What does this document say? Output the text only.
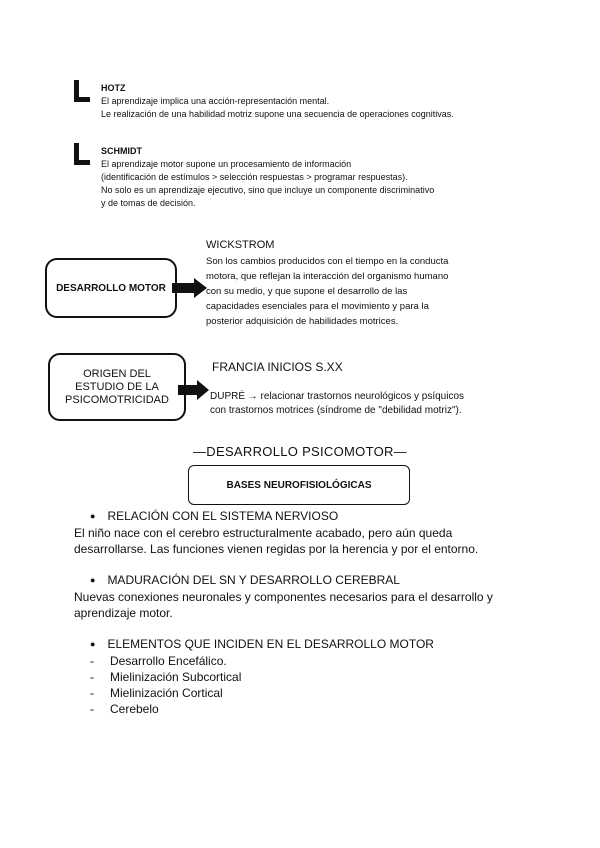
HOTZ
El aprendizaje implica una acción-representación mental.
Le realización de una habilidad motriz supone una secuencia de operaciones cognitivas.
SCHMIDT
El aprendizaje motor supone un procesamiento de información
(identificación de estímulos > selección respuestas > programar respuestas).
No solo es un aprendizaje ejecutivo, sino que incluye un componente discriminativo
y de tomas de decisión.
DESARROLLO MOTOR
WICKSTROM
Son los cambios producidos con el tiempo en la conducta
motora, que reflejan la interacción del organismo humano
con su medio, y que supone el desarrollo de las
capacidades esenciales para el movimiento y para la
posterior adquisición de habilidades motrices.
ORIGEN DEL
ESTUDIO DE LA
PSICOMOTRICIDAD
FRANCIA INICIOS S.XX
DUPRÉ → relacionar trastornos neurológicos y psíquicos
con trastornos motrices (síndrome de "debilidad motriz").
—DESARROLLO PSICOMOTOR—
BASES NEUROFISIOLÓGICAS
● RELACIÓN CON EL SISTEMA NERVIOSO
El niño nace con el cerebro estructuralmente acabado, pero aún queda
desarrollarse. Las funciones vienen regidas por la herencia y por el entorno.
● MADURACIÓN DEL SN Y DESARROLLO CEREBRAL
Nuevas conexiones neuronales y componentes necesarios para el desarrollo y
aprendizaje motor.
● ELEMENTOS QUE INCIDEN EN EL DESARROLLO MOTOR
- Desarrollo Encefálico.
- Mielinización Subcortical
- Mielinización Cortical
- Cerebelo
